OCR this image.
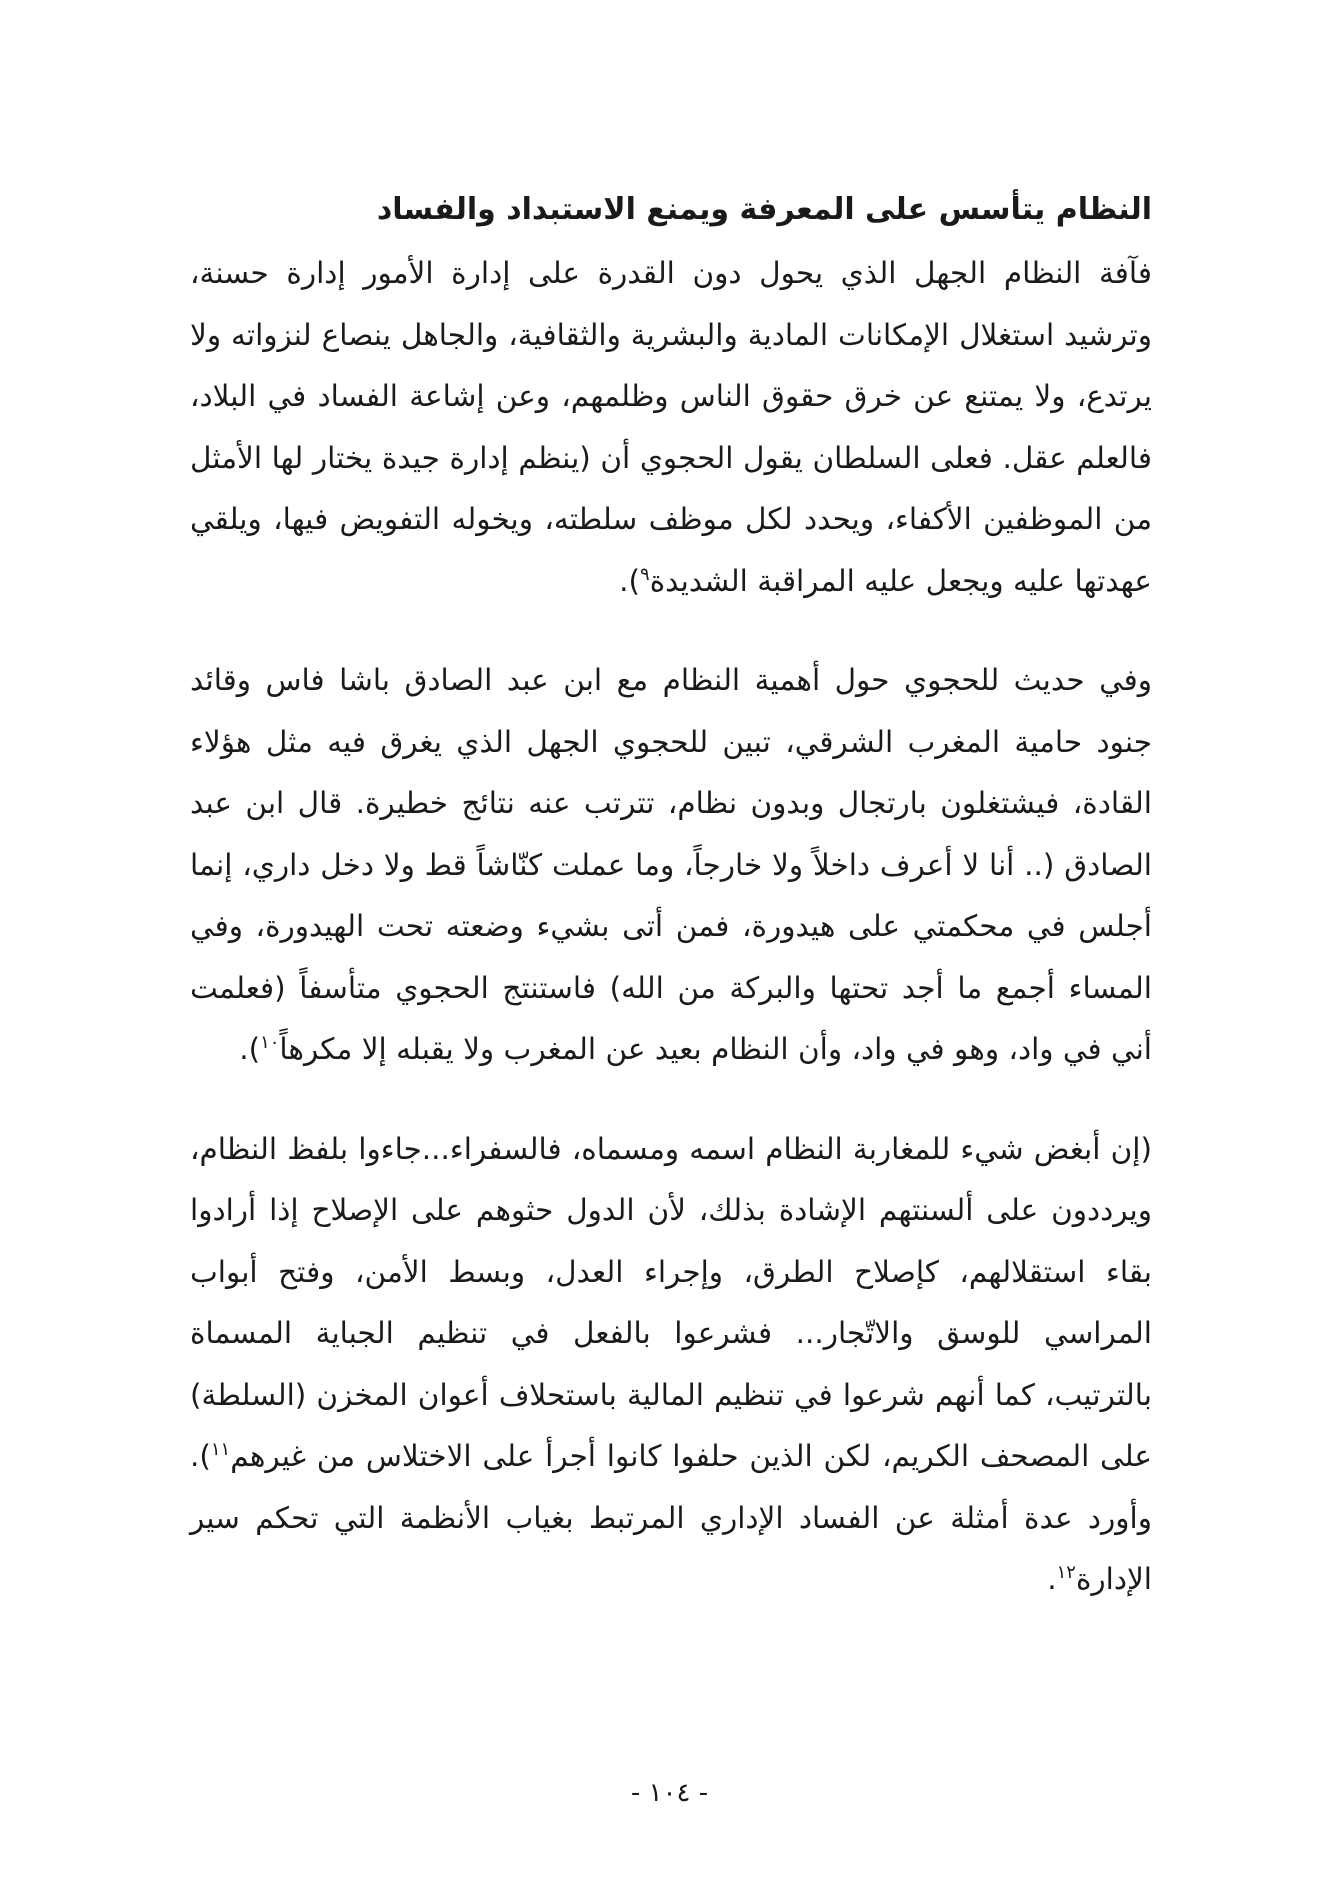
النظام يتأسس على المعرفة ويمنع الاستبداد والفساد

فآفة النظام الجهل الذي يحول دون القدرة على إدارة الأمور إدارة حسنة، وترشيد استغلال الإمكانات المادية والبشرية والثقافية، والجاهل ينصاع لنزواته ولا يرتدع، ولا يمتنع عن خرق حقوق الناس وظلمهم، وعن إشاعة الفساد في البلاد، فالعلم عقل. فعلى السلطان يقول الحجوي أن (ينظم إدارة جيدة يختار لها الأمثل من الموظفين الأكفاء، ويحدد لكل موظف سلطته، ويخوله التفويض فيها، ويلقي عهدتها عليه ويجعل عليه المراقبة الشديدة$^٩$).

وفي حديث للحجوي حول أهمية النظام مع ابن عبد الصادق باشا فاس وقائد جنود حامية المغرب الشرقي، تبين للحجوي الجهل الذي يغرق فيه مثل هؤلاء القادة، فيشتغلون بارتجال وبدون نظام، تترتب عنه نتائج خطيرة. قال ابن عبد الصادق (.. أنا لا أعرف داخلاً ولا خارجاً، وما عملت كنّاشاً قط ولا دخل داري، إنما أجلس في محكمتي على هيدورة، فمن أتى بشيء وضعته تحت الهيدورة، وفي المساء أجمع ما أجد تحتها والبركة من الله) فاستنتج الحجوي متأسفاً (فعلمت أني في واد، وهو في واد، وأن النظام بعيد عن المغرب ولا يقبله إلا مكرهاً$^{١٠}$).

(إن أبغض شيء للمغاربة النظام اسمه ومسماه، فالسفراء...جاءوا بلفظ النظام، ويرددون على ألسنتهم الإشادة بذلك، لأن الدول حثوهم على الإصلاح إذا أرادوا بقاء استقلالهم، كإصلاح الطرق، وإجراء العدل، وبسط الأمن، وفتح أبواب المراسي للوسق والاتّجار... فشرعوا بالفعل في تنظيم الجباية المسماة بالترتيب، كما أنهم شرعوا في تنظيم المالية باستحلاف أعوان المخزن (السلطة) على المصحف الكريم، لكن الذين حلفوا كانوا أجرأ على الاختلاس من غيرهم$^{١١}$). وأورد عدة أمثلة عن الفساد الإداري المرتبط بغياب الأنظمة التي تحكم سير الإدارة$^{١٢}$.

- ١٠٤ -
